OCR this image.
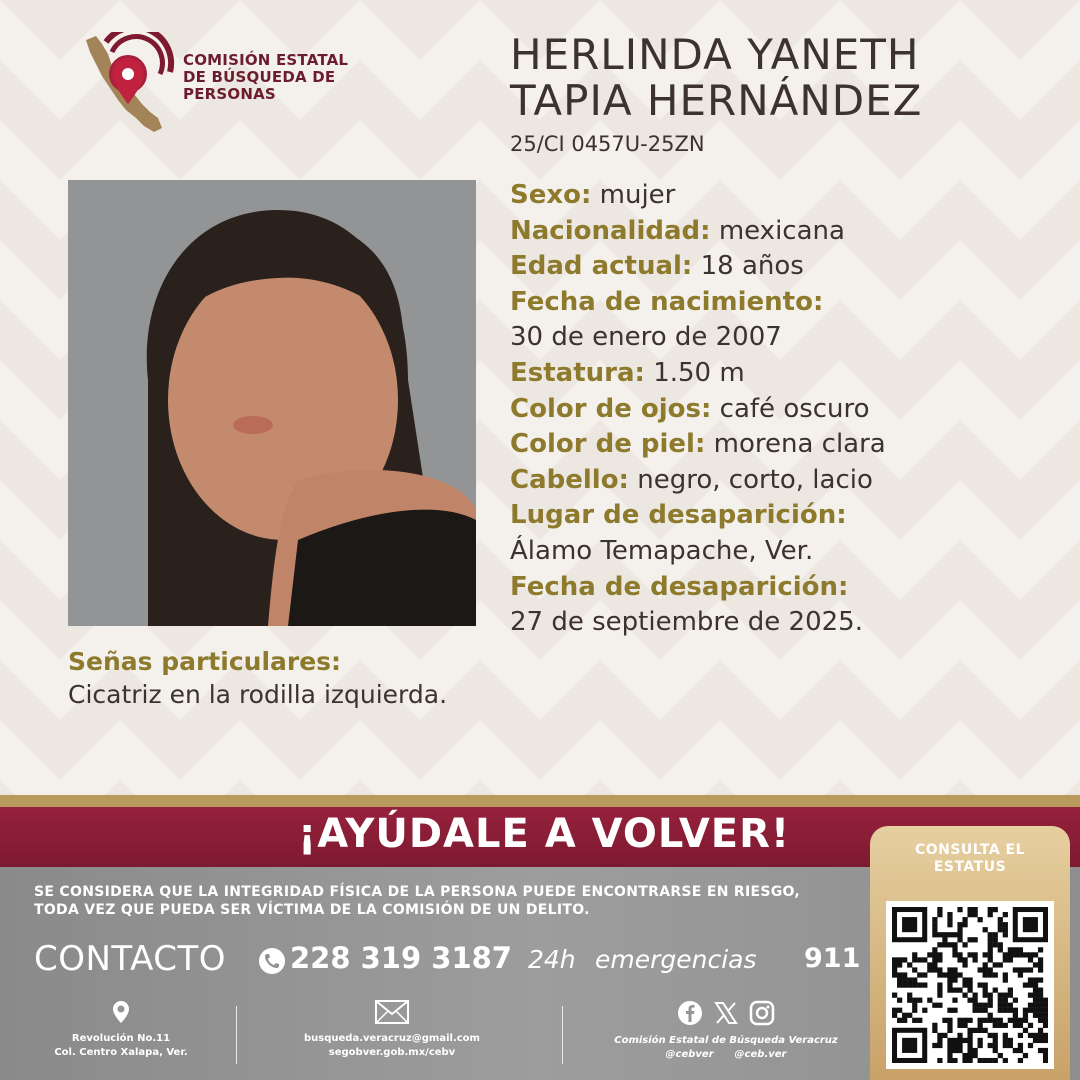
COMISIÓN ESTATAL
DE BÚSQUEDA DE
PERSONAS
HERLINDA YANETH
TAPIA HERNÁNDEZ
25/CI 0457U-25ZN
Sexo: mujer
Nacionalidad: mexicana
Edad actual: 18 años
Fecha de nacimiento:
30 de enero de 2007
Estatura: 1.50 m
Color de ojos: café oscuro
Color de piel: morena clara
Cabello: negro, corto, lacio
Lugar de desaparición:
Álamo Temapache, Ver.
Fecha de desaparición:
27 de septiembre de 2025.
Señas particulares:
Cicatriz en la rodilla izquierda.
¡AYÚDALE A VOLVER!
SE CONSIDERA QUE LA INTEGRIDAD FÍSICA DE LA PERSONA PUEDE ENCONTRARSE EN RIESGO,
TODA VEZ QUE PUEDA SER VÍCTIMA DE LA COMISIÓN DE UN DELITO.
CONTACTO 228 319 3187 24h emergencias 911
Revolución No.11
Col. Centro Xalapa, Ver.
busqueda.veracruz@gmail.com
segobver.gob.mx/cebv
Comisión Estatal de Búsqueda Veracruz
@cebver      @ceb.ver
CONSULTA EL
ESTATUS
